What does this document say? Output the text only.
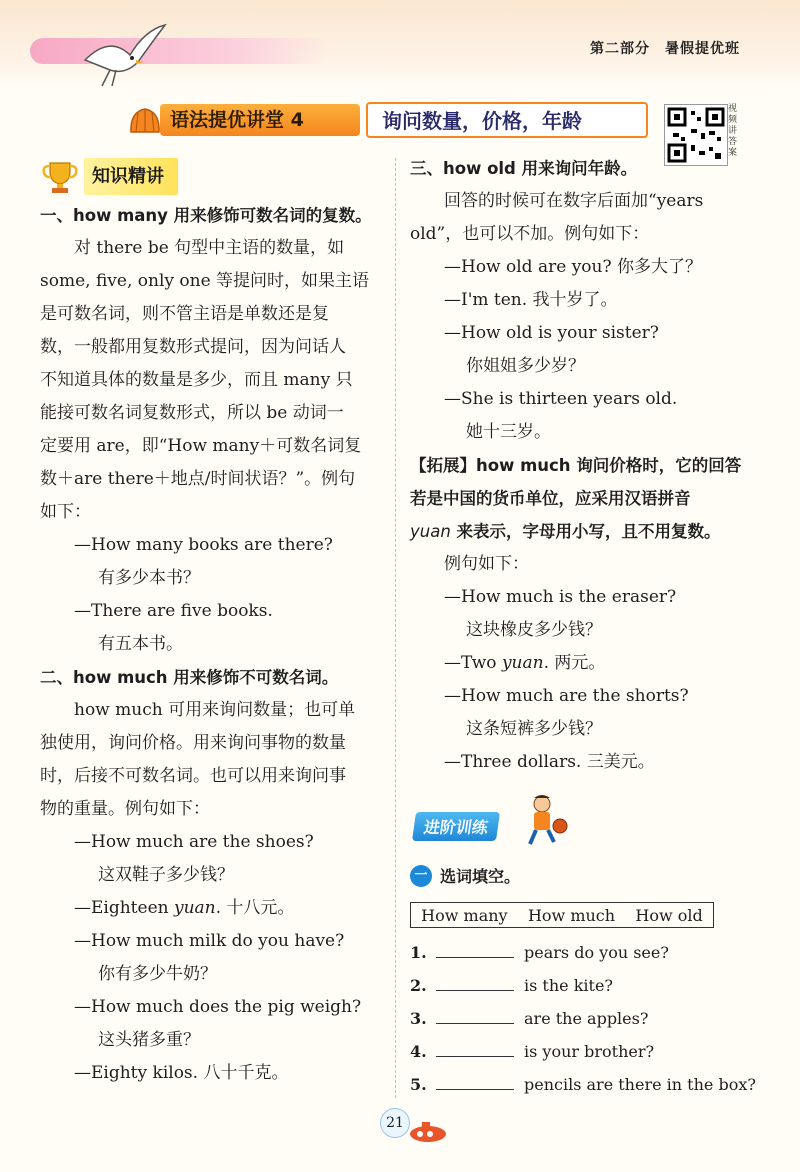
第二部分　暑假提优班
语法提优讲堂 4	询问数量，价格，年龄	视频讲答案
知识精讲

一、how many 用来修饰可数名词的复数。

对 there be 句型中主语的数量，如

some, five, only one 等提问时，如果主语

是可数名词，则不管主语是单数还是复

数，一般都用复数形式提问，因为问话人

不知道具体的数量是多少，而且 many 只

能接可数名词复数形式，所以 be 动词一

定要用 are，即“How many＋可数名词复

数＋are there＋地点/时间状语？”。例句

如下：

—How many books are there?

有多少本书？

—There are five books.

有五本书。

二、how much 用来修饰不可数名词。

how much 可用来询问数量；也可单

独使用，询问价格。用来询问事物的数量

时，后接不可数名词。也可以用来询问事

物的重量。例句如下：

—How much are the shoes?

这双鞋子多少钱？

—Eighteen yuan. 十八元。

—How much milk do you have?

你有多少牛奶？

—How much does the pig weigh?

这头猪多重？

—Eighty kilos. 八十千克。

三、how old 用来询问年龄。

回答的时候可在数字后面加“years

old”，也可以不加。例句如下：

—How old are you? 你多大了？

—I'm ten. 我十岁了。

—How old is your sister?

你姐姐多少岁？

—She is thirteen years old.

她十三岁。

【拓展】how much 询问价格时，它的回答

若是中国的货币单位，应采用汉语拼音

yuan 来表示，字母用小写，且不用复数。

例句如下：

—How much is the eraser?

这块橡皮多少钱？

—Two yuan. 两元。

—How much are the shorts?

这条短裤多少钱？

—Three dollars. 三美元。

进阶训练
一 选词填空。
How many How much How old
1.	pears do you see?
2.	is the kite?
3.	are the apples?
4.	is your brother?
5.	pencils are there in the box?
21
